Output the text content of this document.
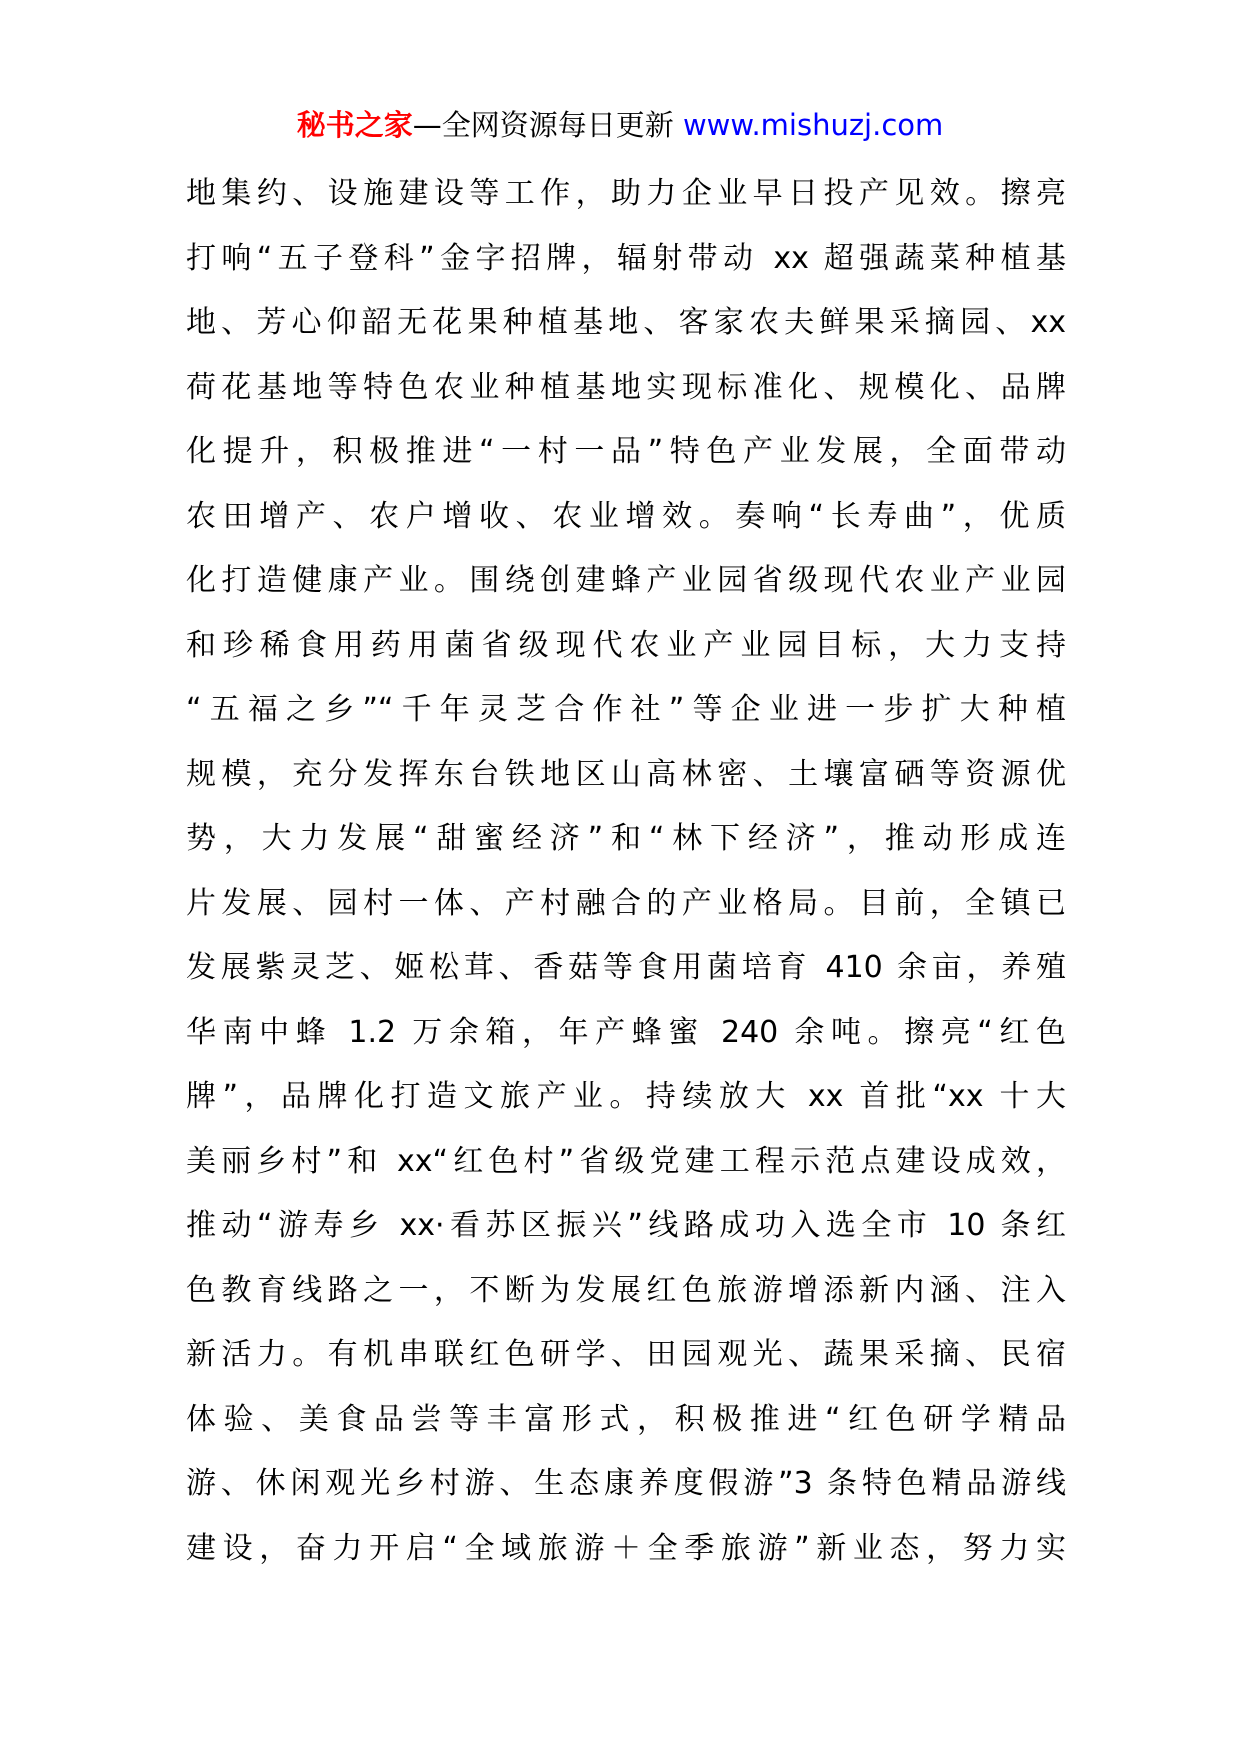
秘书之家—全网资源每日更新 www.mishuzj.com
地集约、设施建设等工作，助力企业早日投产见效。擦亮
打响“五子登科”金字招牌，辐射带动 xx 超强蔬菜种植基
地、芳心仰韶无花果种植基地、客家农夫鲜果采摘园、xx
荷花基地等特色农业种植基地实现标准化、规模化、品牌
化提升，积极推进“一村一品”特色产业发展，全面带动
农田增产、农户增收、农业增效。奏响“长寿曲”，优质
化打造健康产业。围绕创建蜂产业园省级现代农业产业园
和珍稀食用药用菌省级现代农业产业园目标，大力支持
“五福之乡”“千年灵芝合作社”等企业进一步扩大种植
规模，充分发挥东台铁地区山高林密、土壤富硒等资源优
势，大力发展“甜蜜经济”和“林下经济”，推动形成连
片发展、园村一体、产村融合的产业格局。目前，全镇已
发展紫灵芝、姬松茸、香菇等食用菌培育 410 余亩，养殖
华南中蜂 1.2 万余箱，年产蜂蜜 240 余吨。擦亮“红色
牌”，品牌化打造文旅产业。持续放大 xx 首批“xx 十大
美丽乡村”和 xx“红色村”省级党建工程示范点建设成效，
推动“游寿乡 xx·看苏区振兴”线路成功入选全市 10 条红
色教育线路之一，不断为发展红色旅游增添新内涵、注入
新活力。有机串联红色研学、田园观光、蔬果采摘、民宿
体验、美食品尝等丰富形式，积极推进“红色研学精品
游、休闲观光乡村游、生态康养度假游”3 条特色精品游线
建设，奋力开启“全域旅游＋全季旅游”新业态，努力实
